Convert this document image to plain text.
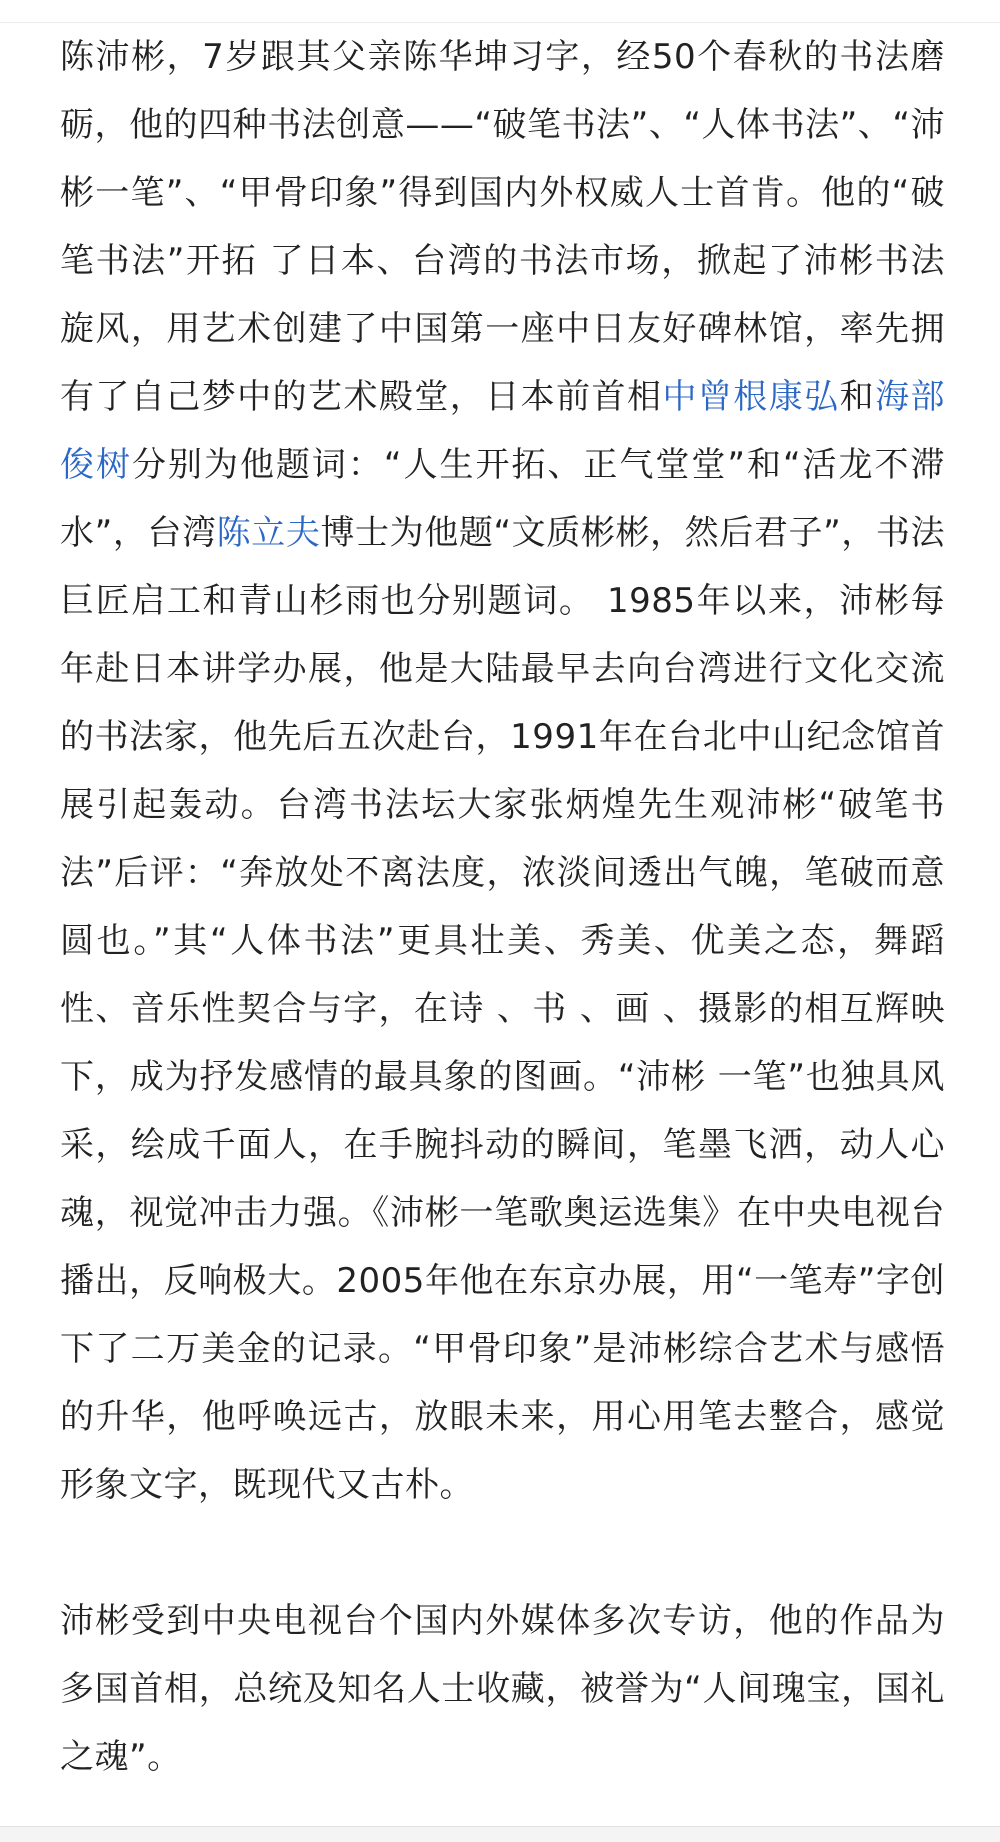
陈沛彬，7岁跟其父亲陈华坤习字，经50个春秋的书法磨砺，他的四种书法创意——“破笔书法”、“人体书法”、“沛彬一笔”、“甲骨印象”得到国内外权威人士首肯。他的“破笔书法”开拓 了日本、台湾的书法市场，掀起了沛彬书法旋风，用艺术创建了中国第一座中日友好碑林馆，率先拥有了自己梦中的艺术殿堂，日本前首相中曾根康弘和海部俊树分别为他题词：“人生开拓、正气堂堂”和“活龙不滞水”，台湾陈立夫博士为他题“文质彬彬，然后君子”，书法巨匠启工和青山杉雨也分别题词。 1985年以来，沛彬每年赴日本讲学办展，他是大陆最早去向台湾进行文化交流的书法家，他先后五次赴台，1991年在台北中山纪念馆首展引起轰动。台湾书法坛大家张炳煌先生观沛彬“破笔书法”后评：“奔放处不离法度，浓淡间透出气魄，笔破而意圆也。”其“人体书法”更具壮美、秀美、优美之态，舞蹈性、音乐性契合与字，在诗 、书 、画 、摄影的相互辉映下，成为抒发感情的最具象的图画。“沛彬 一笔”也独具风采，绘成千面人，在手腕抖动的瞬间，笔墨飞洒，动人心魂，视觉冲击力强。《沛彬一笔歌奥运选集》在中央电视台播出，反响极大。2005年他在东京办展，用“一笔寿”字创下了二万美金的记录。“甲骨印象”是沛彬综合艺术与感悟的升华，他呼唤远古，放眼未来，用心用笔去整合，感觉形象文字，既现代又古朴。

沛彬受到中央电视台个国内外媒体多次专访，他的作品为多国首相，总统及知名人士收藏，被誉为“人间瑰宝，国礼之魂”。
